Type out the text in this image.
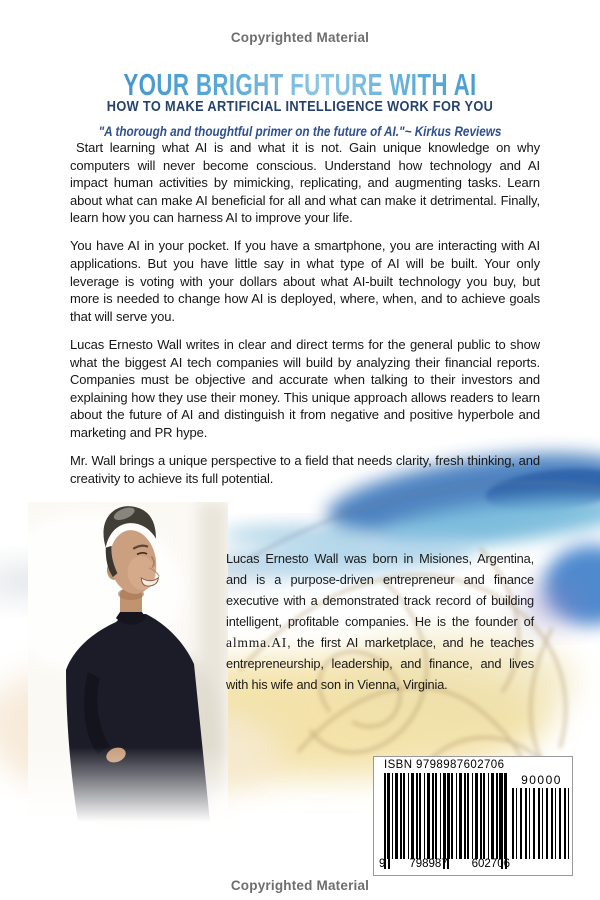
Copyrighted Material

YOUR BRIGHT FUTURE WITH AI
HOW TO MAKE ARTIFICIAL INTELLIGENCE WORK FOR YOU

"A thorough and thoughtful primer on the future of AI."~ Kirkus Reviews

Start learning what AI is and what it is not. Gain unique knowledge on why computers will never become conscious. Understand how technology and AI impact human activities by mimicking, replicating, and augmenting tasks. Learn about what can make AI beneficial for all and what can make it detrimental. Finally, learn how you can harness AI to improve your life.

You have AI in your pocket. If you have a smartphone, you are interacting with AI applications. But you have little say in what type of AI will be built. Your only leverage is voting with your dollars about what AI-built technology you buy, but more is needed to change how AI is deployed, where, when, and to achieve goals that will serve you.

Lucas Ernesto Wall writes in clear and direct terms for the general public to show what the biggest AI tech companies will build by analyzing their financial reports. Companies must be objective and accurate when talking to their investors and explaining how they use their money. This unique approach allows readers to learn about the future of AI and distinguish it from negative and positive hyperbole and marketing and PR hype.

Mr. Wall brings a unique perspective to a field that needs clarity, fresh thinking, and creativity to achieve its full potential.

Lucas Ernesto Wall was born in Misiones, Argentina, and is a purpose-driven entrepreneur and finance executive with a demonstrated track record of building intelligent, profitable companies. He is the founder of almma.AI, the first AI marketplace, and he teaches entrepreneurship, leadership, and finance, and lives with his wife and son in Vienna, Virginia.

ISBN 9798987602706
9 798987 602706
90000

Copyrighted Material
